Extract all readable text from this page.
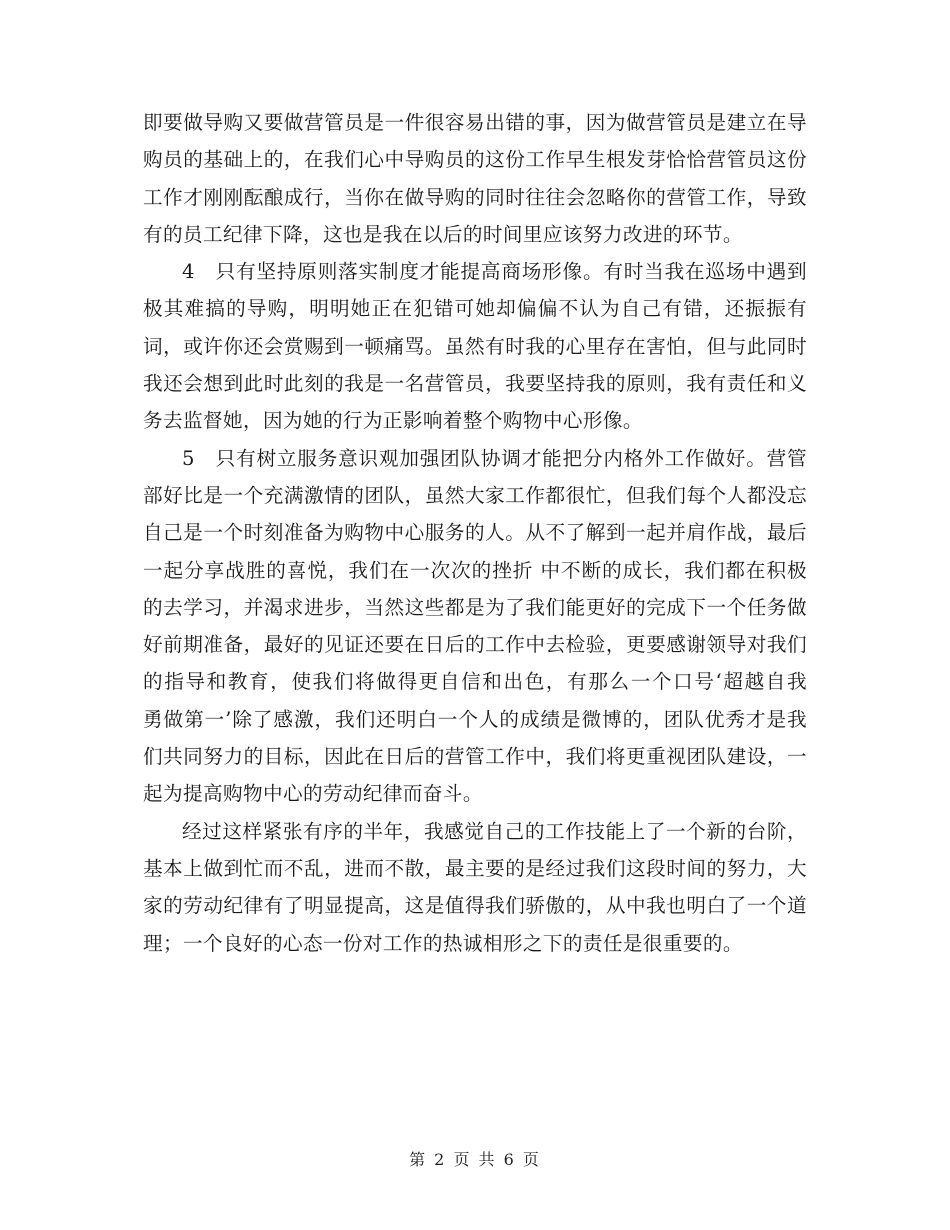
即要做导购又要做营管员是一件很容易出错的事，因为做营管员是建立在导购员的基础上的，在我们心中导购员的这份工作早生根发芽恰恰营管员这份工作才刚刚酝酿成行，当你在做导购的同时往往会忽略你的营管工作，导致有的员工纪律下降，这也是我在以后的时间里应该努力改进的环节。

4　只有坚持原则落实制度才能提高商场形像。有时当我在巡场中遇到极其难搞的导购，明明她正在犯错可她却偏偏不认为自己有错，还振振有词，或许你还会赏赐到一顿痛骂。虽然有时我的心里存在害怕，但与此同时我还会想到此时此刻的我是一名营管员，我要坚持我的原则，我有责任和义务去监督她，因为她的行为正影响着整个购物中心形像。

5　只有树立服务意识观加强团队协调才能把分内格外工作做好。营管部好比是一个充满激情的团队，虽然大家工作都很忙，但我们每个人都没忘自己是一个时刻准备为购物中心服务的人。从不了解到一起并肩作战，最后一起分享战胜的喜悦，我们在一次次的挫折 中不断的成长，我们都在积极的去学习，并渴求进步，当然这些都是为了我们能更好的完成下一个任务做好前期准备，最好的见证还要在日后的工作中去检验，更要感谢领导对我们的指导和教育，使我们将做得更自信和出色，有那么一个口号‘超越自我　 勇做第一’除了感激，我们还明白一个人的成绩是微博的，团队优秀才是我们共同努力的目标，因此在日后的营管工作中，我们将更重视团队建设，一起为提高购物中心的劳动纪律而奋斗。

经过这样紧张有序的半年，我感觉自己的工作技能上了一个新的台阶，基本上做到忙而不乱，进而不散，最主要的是经过我们这段时间的努力，大家的劳动纪律有了明显提高，这是值得我们骄傲的，从中我也明白了一个道理；一个良好的心态一份对工作的热诚相形之下的责任是很重要的。

第 2 页 共 6 页
